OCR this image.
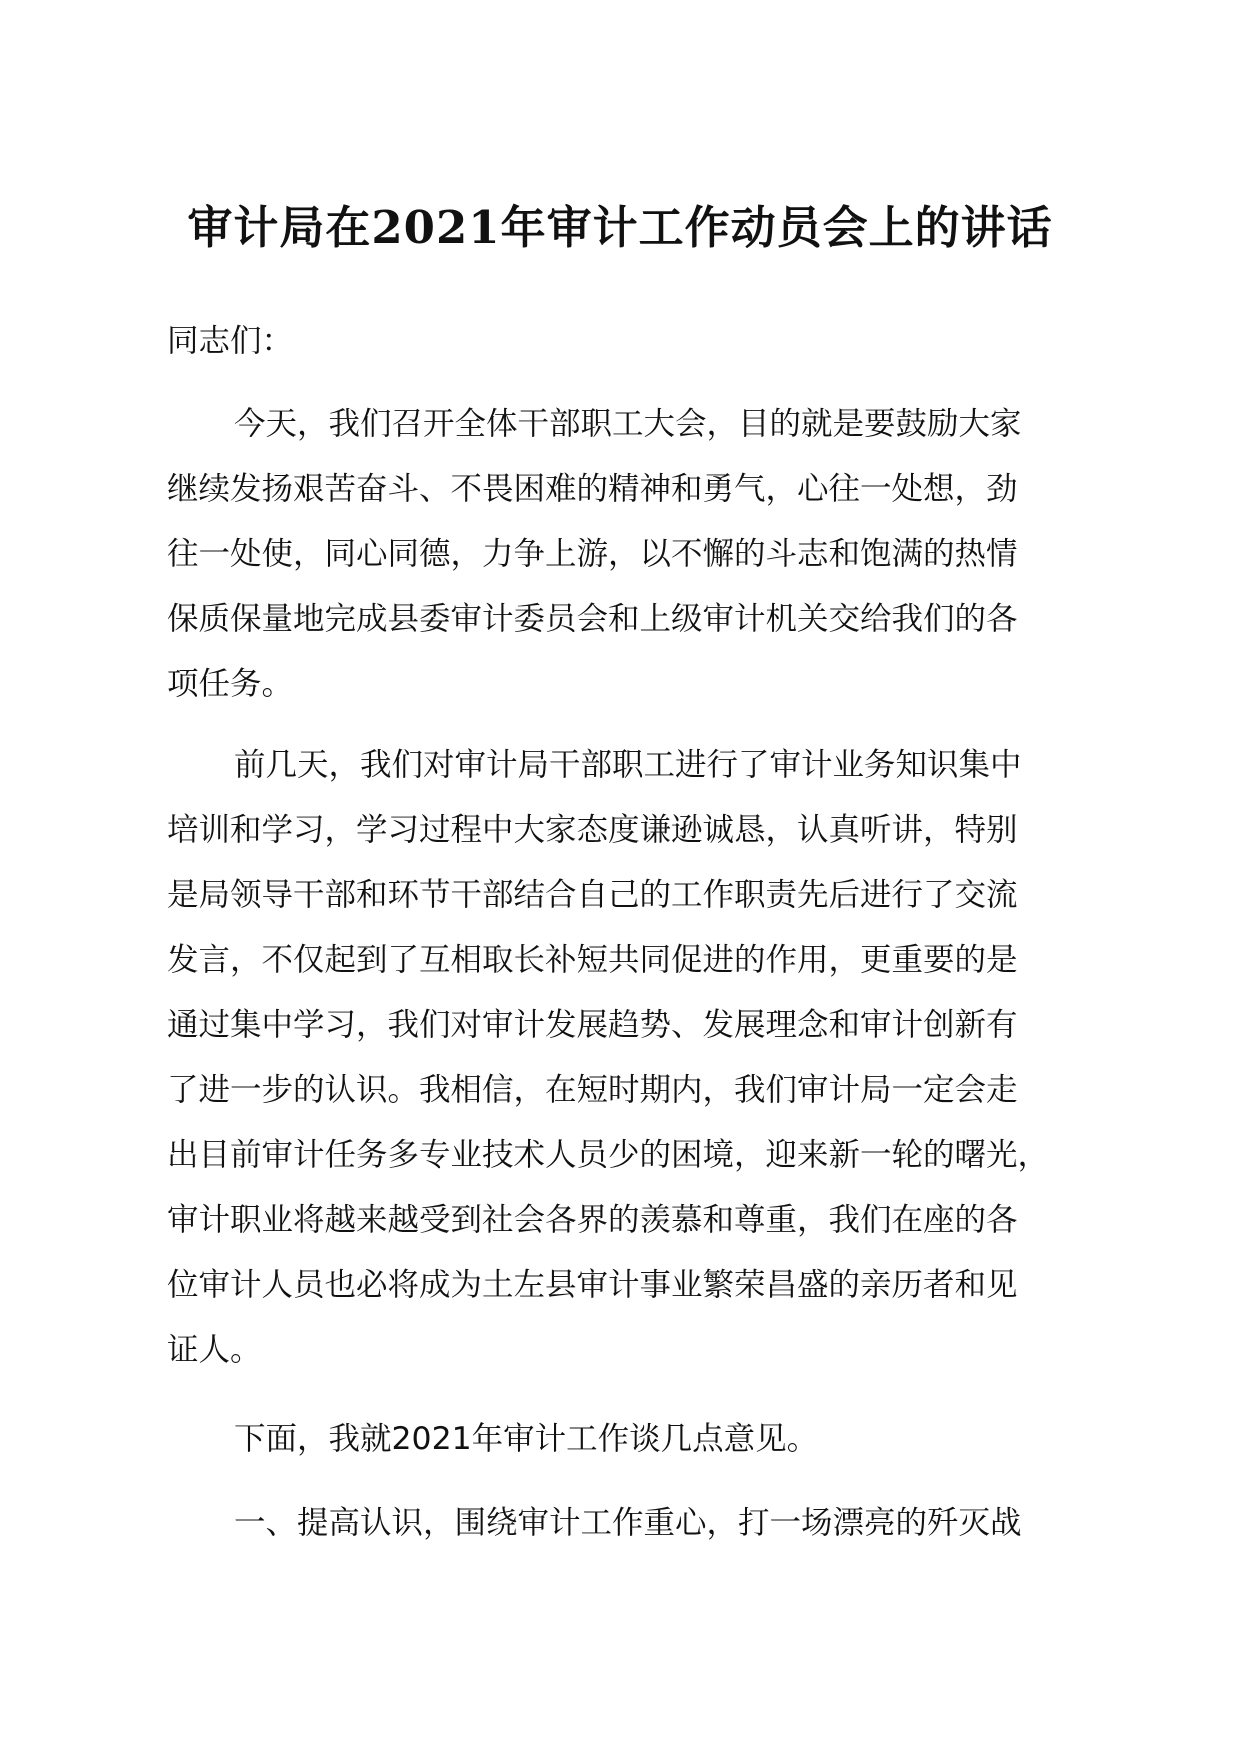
审计局在2021年审计工作动员会上的讲话
同志们：
今天，我们召开全体干部职工大会，目的就是要鼓励大家
继续发扬艰苦奋斗、不畏困难的精神和勇气，心往一处想，劲
往一处使，同心同德，力争上游，以不懈的斗志和饱满的热情
保质保量地完成县委审计委员会和上级审计机关交给我们的各
项任务。
前几天，我们对审计局干部职工进行了审计业务知识集中
培训和学习，学习过程中大家态度谦逊诚恳，认真听讲，特别
是局领导干部和环节干部结合自己的工作职责先后进行了交流
发言，不仅起到了互相取长补短共同促进的作用，更重要的是
通过集中学习，我们对审计发展趋势、发展理念和审计创新有
了进一步的认识。我相信，在短时期内，我们审计局一定会走
出目前审计任务多专业技术人员少的困境，迎来新一轮的曙光，
审计职业将越来越受到社会各界的羡慕和尊重，我们在座的各
位审计人员也必将成为土左县审计事业繁荣昌盛的亲历者和见
证人。
下面，我就2021年审计工作谈几点意见。
一、提高认识，围绕审计工作重心，打一场漂亮的歼灭战
